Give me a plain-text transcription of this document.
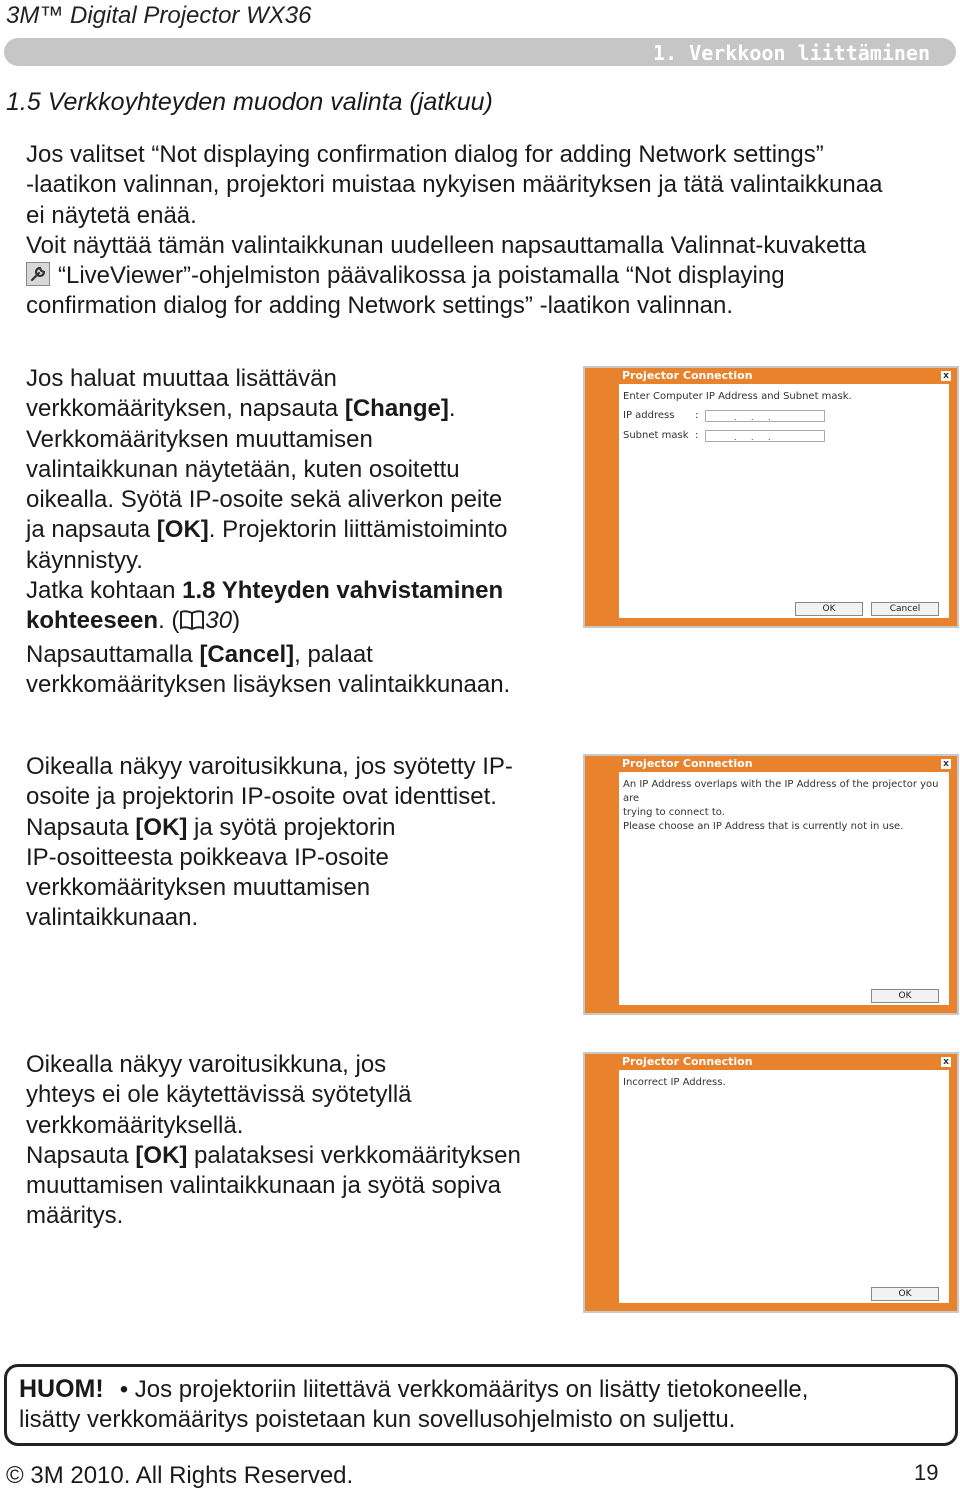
3M™ Digital Projector WX36
1. Verkkoon liittäminen
1.5 Verkkoyhteyden muodon valinta (jatkuu)
Jos valitset “Not displaying confirmation dialog for adding Network settings”
-laatikon valinnan, projektori muistaa nykyisen määrityksen ja tätä valintaikkunaa
ei näytetä enää.
Voit näyttää tämän valintaikkunan uudelleen napsauttamalla Valinnat-kuvaketta
“LiveViewer”-ohjelmiston päävalikossa ja poistamalla “Not displaying
confirmation dialog for adding Network settings” -laatikon valinnan.
Jos haluat muuttaa lisättävän
verkkomäärityksen, napsauta [Change].
Verkkomäärityksen muuttamisen
valintaikkunan näytetään, kuten osoitettu
oikealla. Syötä IP-osoite sekä aliverkon peite
ja napsauta [OK]. Projektorin liittämistoiminto
käynnistyy.
Jatka kohtaan 1.8 Yhteyden vahvistaminen
kohteeseen. ( 30)
Napsauttamalla [Cancel], palaat
verkkomäärityksen lisäyksen valintaikkunaan.
Projector Connection	x
Enter Computer IP Address and Subnet mask.
IP address :	. . .
Subnet mask :	. . .
OK	Cancel
Oikealla näkyy varoitusikkuna, jos syötetty IP-
osoite ja projektorin IP-osoite ovat identtiset.
Napsauta [OK] ja syötä projektorin
IP-osoitteesta poikkeava IP-osoite
verkkomäärityksen muuttamisen
valintaikkunaan.
Projector Connection	x
An IP Address overlaps with the IP Address of the projector you are
trying to connect to.
Please choose an IP Address that is currently not in use.
OK
Oikealla näkyy varoitusikkuna, jos
yhteys ei ole käytettävissä syötetyllä
verkkomäärityksellä.
Napsauta [OK] palataksesi verkkomäärityksen
muuttamisen valintaikkunaan ja syötä sopiva
määritys.
Projector Connection	x
Incorrect IP Address.
OK
HUOM! • Jos projektoriin liitettävä verkkomääritys on lisätty tietokoneelle,
lisätty verkkomääritys poistetaan kun sovellusohjelmisto on suljettu.
© 3M 2010. All Rights Reserved.	19
